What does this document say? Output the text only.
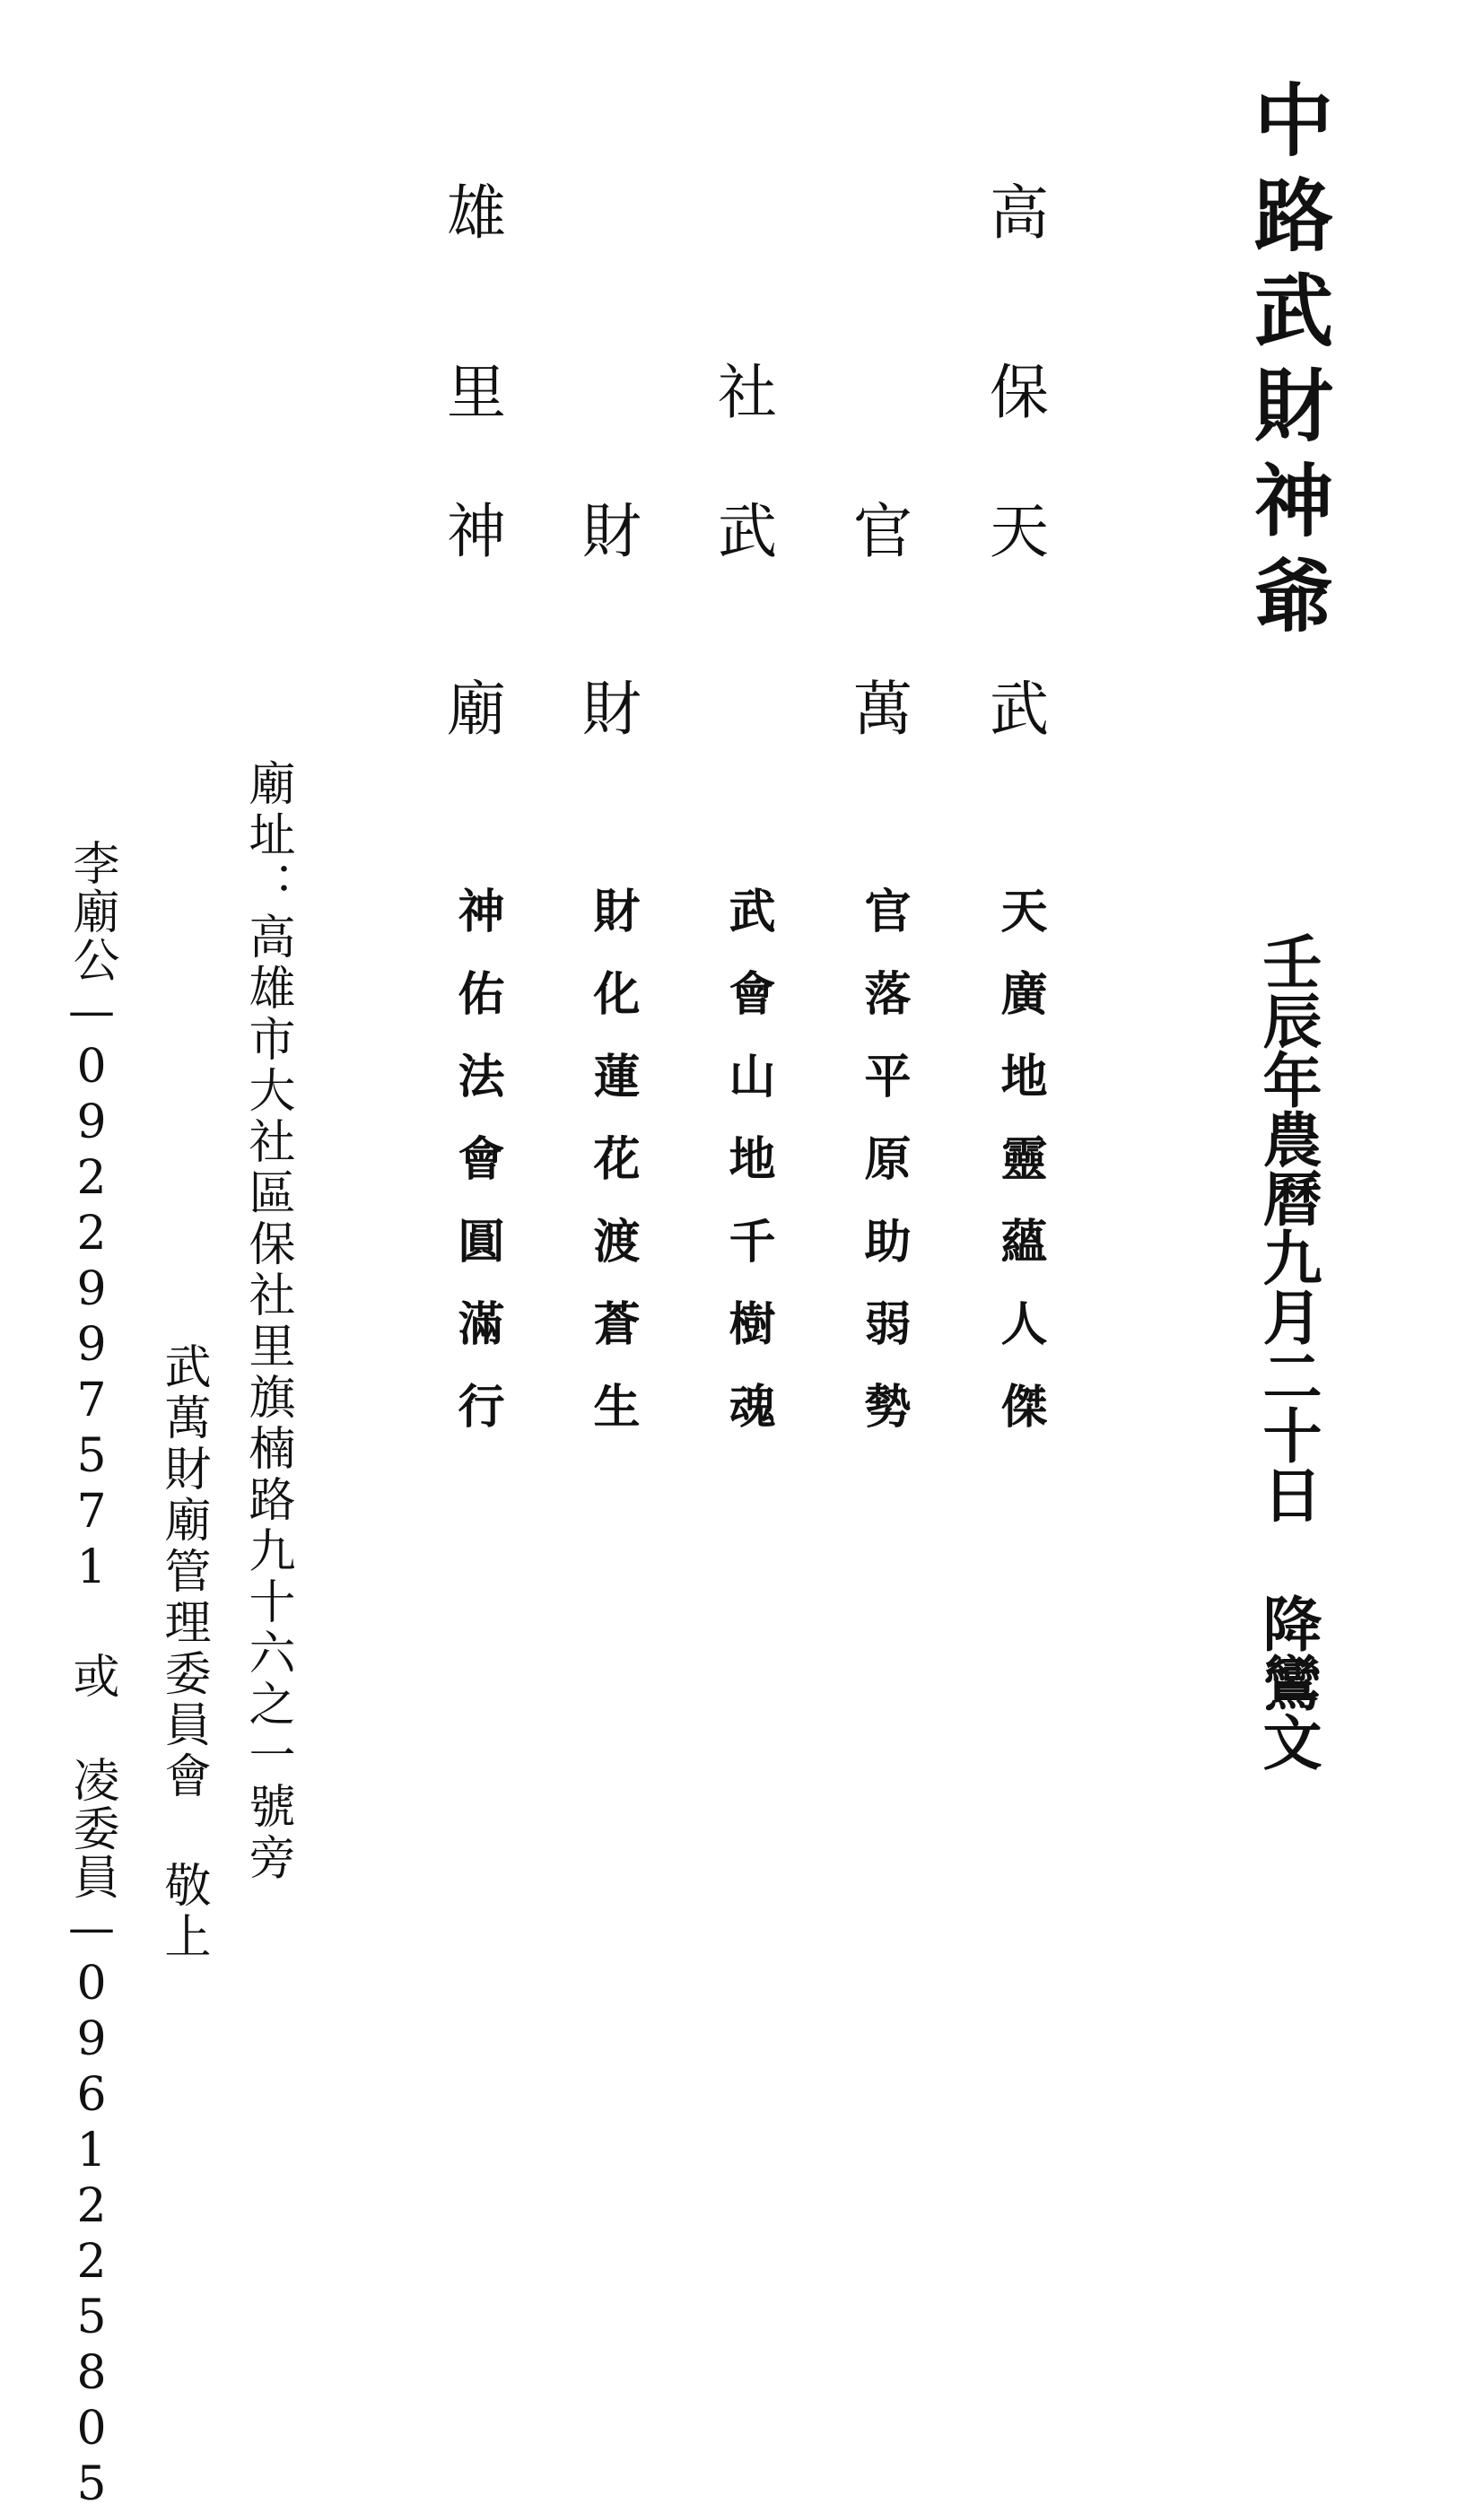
中路武財神爺
壬辰年農曆九月二十日 降鸞文
高
保
天
武
官
萬
社
武
財
財
雄
里
神
廟
天廣地靈蘊人傑
官落平原助弱勢
武會山地千樹魂
財化蓮花渡蒼生
神佑法會圓滿行
廟址：高雄市大社區保社里旗楠路九十六之一號旁
武萬財廟管理委員會 敬上
李廟公—0922997571 或 凌委員—0961225805
